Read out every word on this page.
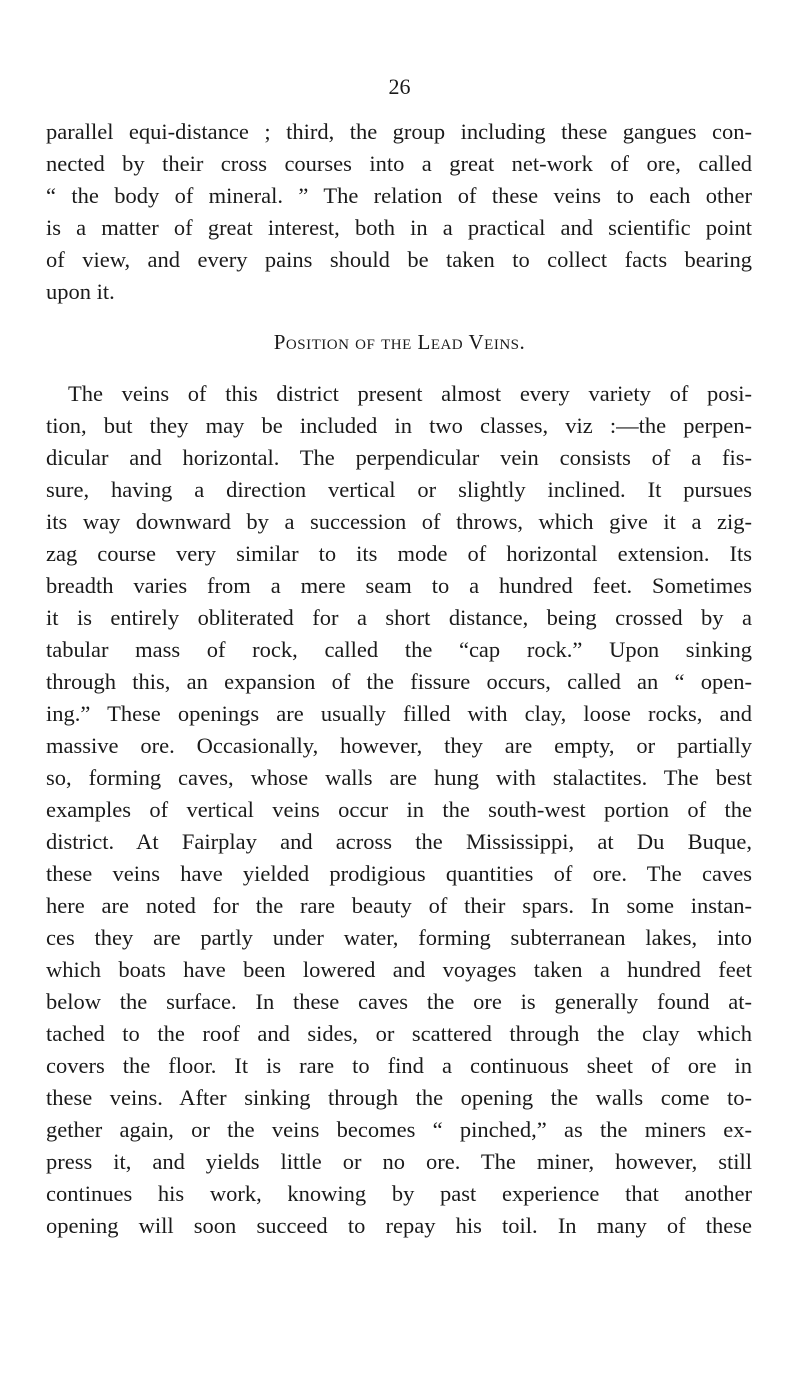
26
parallel equi-distance ; third, the group including these gangues con-
nected by their cross courses into a great net-work of ore, called
“ the body of mineral. ” The relation of these veins to each other
is a matter of great interest, both in a practical and scientific point
of view, and every pains should be taken to collect facts bearing
upon it.
Position of the Lead Veins.
The veins of this district present almost every variety of posi-
tion, but they may be included in two classes, viz :—the perpen-
dicular and horizontal. The perpendicular vein consists of a fis-
sure, having a direction vertical or slightly inclined. It pursues
its way downward by a succession of throws, which give it a zig-
zag course very similar to its mode of horizontal extension. Its
breadth varies from a mere seam to a hundred feet. Sometimes
it is entirely obliterated for a short distance, being crossed by a
tabular mass of rock, called the “cap rock.” Upon sinking
through this, an expansion of the fissure occurs, called an “ open-
ing.” These openings are usually filled with clay, loose rocks, and
massive ore. Occasionally, however, they are empty, or partially
so, forming caves, whose walls are hung with stalactites. The best
examples of vertical veins occur in the south-west portion of the
district. At Fairplay and across the Mississippi, at Du Buque,
these veins have yielded prodigious quantities of ore. The caves
here are noted for the rare beauty of their spars. In some instan-
ces they are partly under water, forming subterranean lakes, into
which boats have been lowered and voyages taken a hundred feet
below the surface. In these caves the ore is generally found at-
tached to the roof and sides, or scattered through the clay which
covers the floor. It is rare to find a continuous sheet of ore in
these veins. After sinking through the opening the walls come to-
gether again, or the veins becomes “ pinched,” as the miners ex-
press it, and yields little or no ore. The miner, however, still
continues his work, knowing by past experience that another
opening will soon succeed to repay his toil. In many of these
